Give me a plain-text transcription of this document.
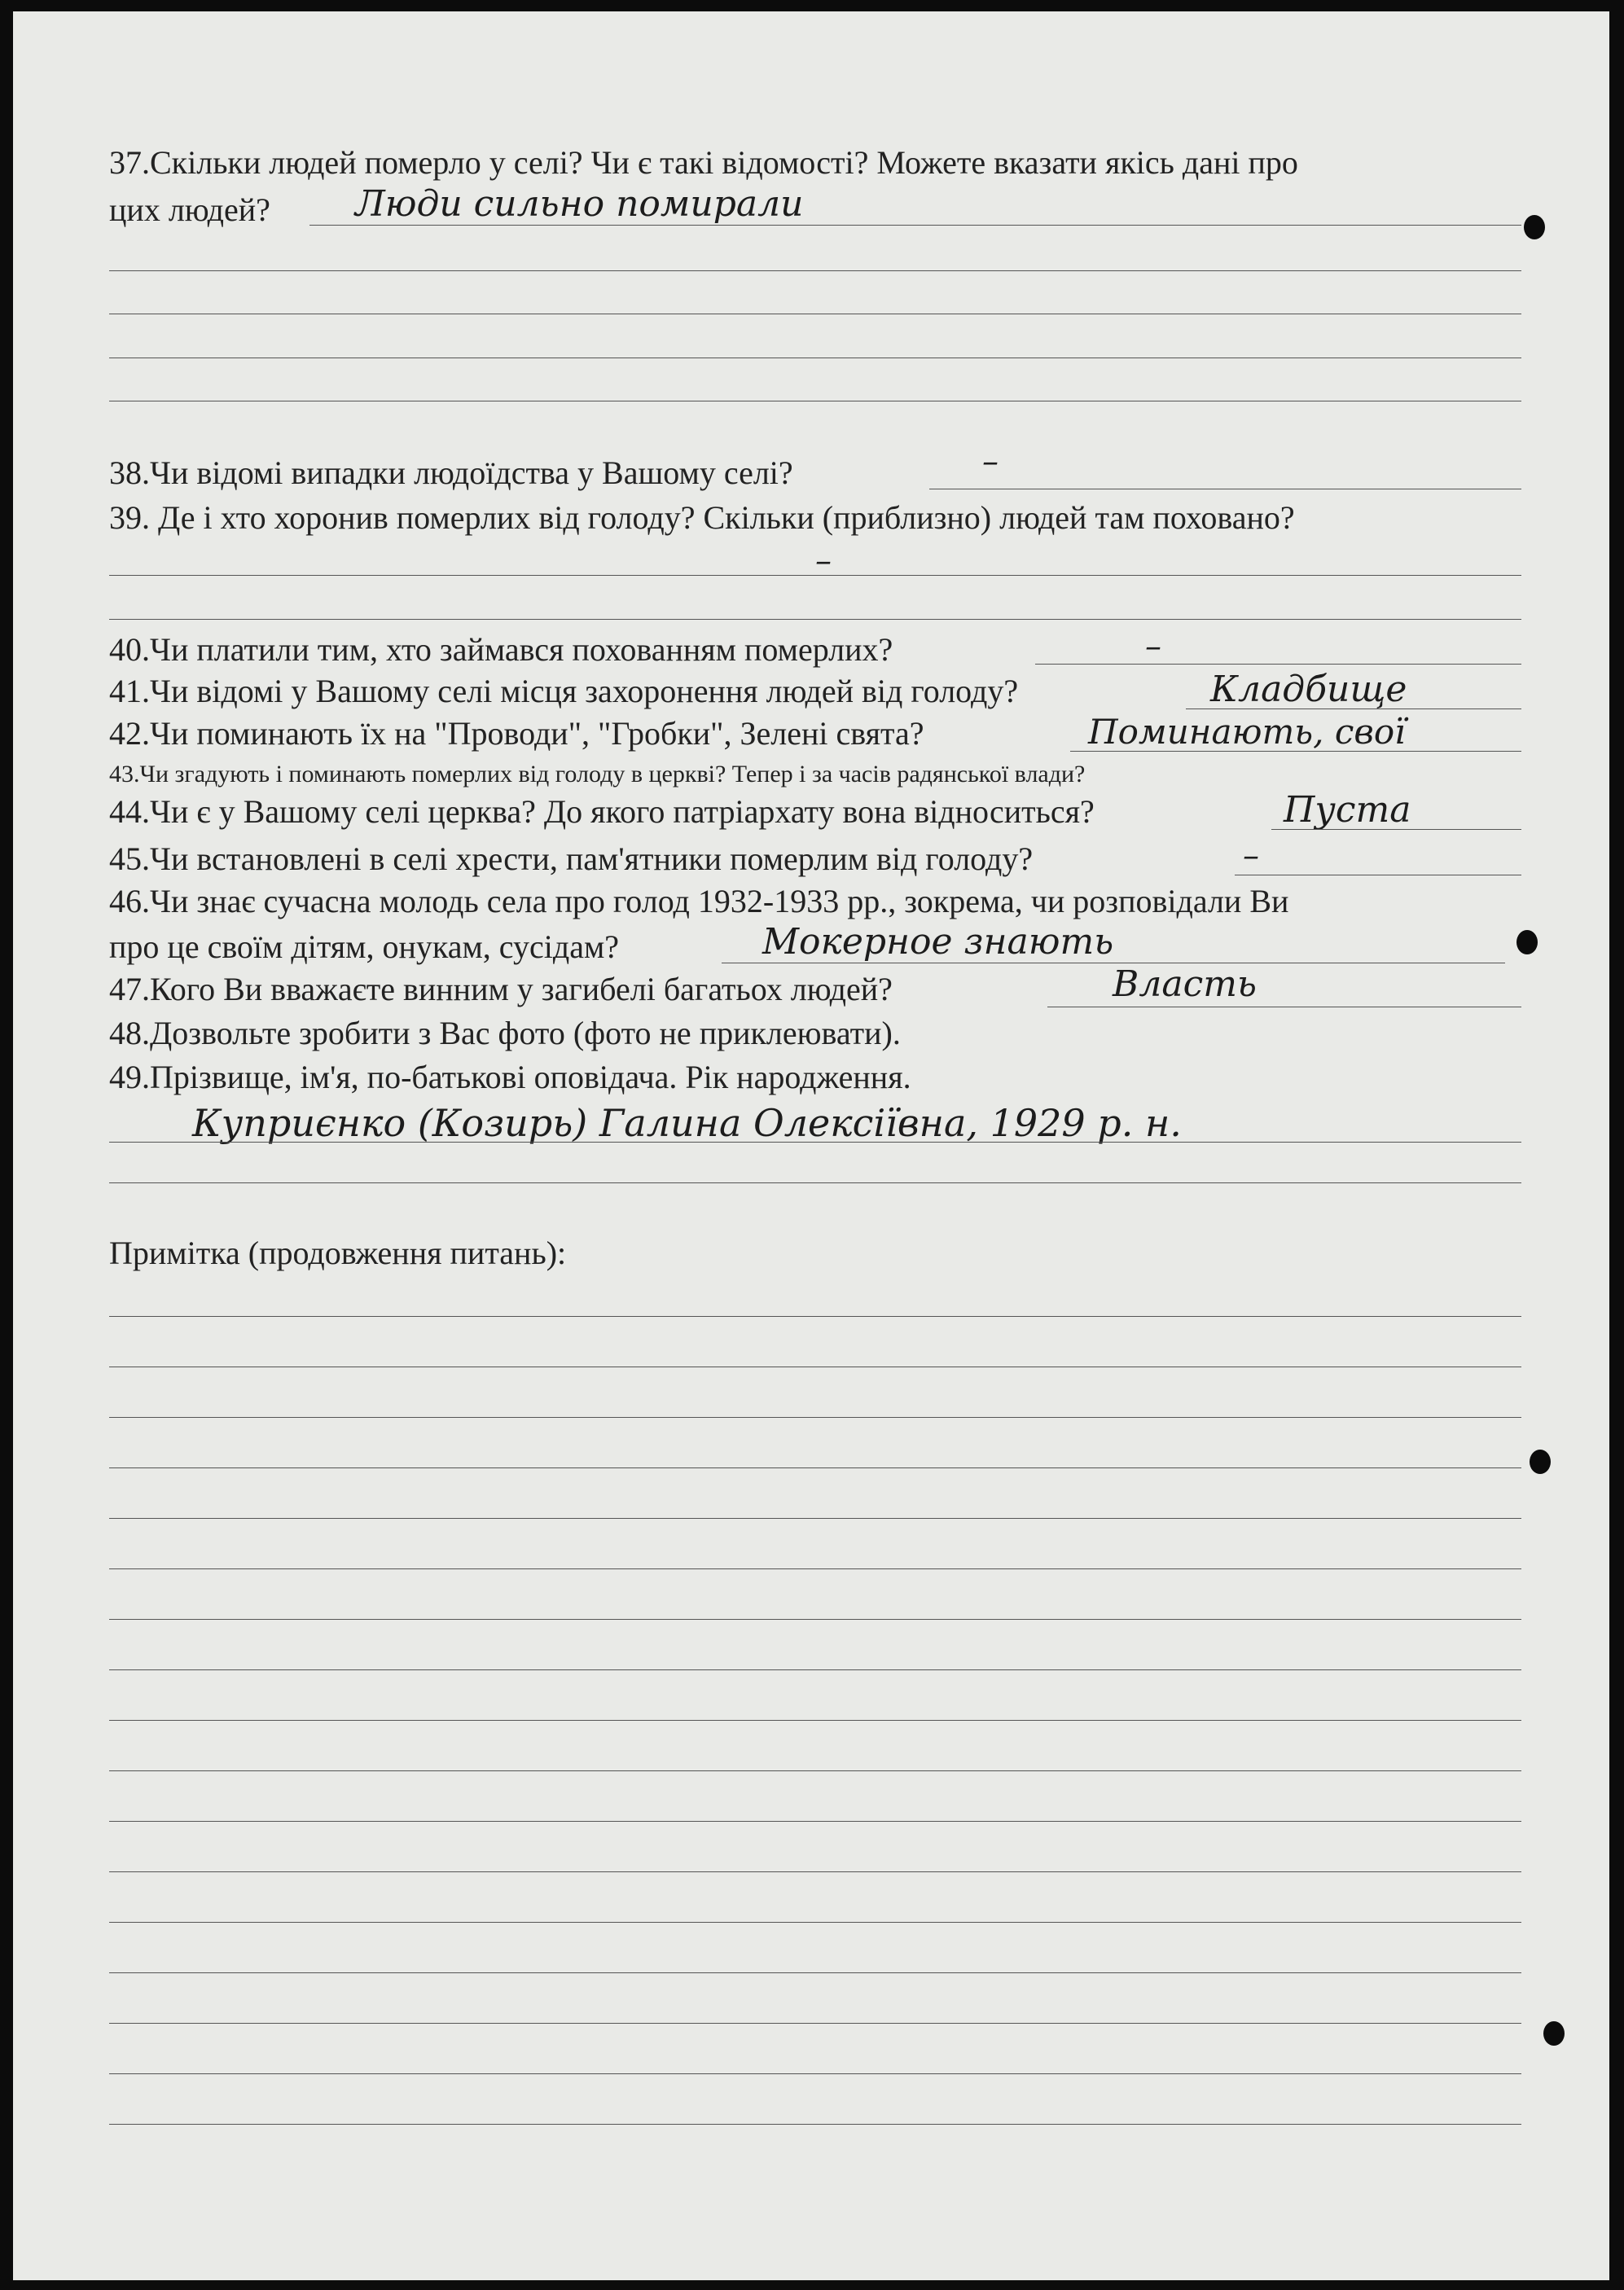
37.Скільки людей померло у селі? Чи є такі відомості? Можете вказати якісь дані про
цих людей? Люди сильно помирали
38.Чи відомі випадки людоїдства у Вашому селі?	–
39. Де і хто хоронив померлих від голоду? Скільки (приблизно) людей там поховано?
–
40.Чи платили тим, хто займався похованням померлих?	–
41.Чи відомі у Вашому селі місця захоронення людей від голоду?	Кладбище
42.Чи поминають їх на "Проводи", "Гробки", Зелені свята?	Поминають, свої
43.Чи згадують і поминають померлих від голоду в церкві? Тепер і за часів радянської влади?
44.Чи є у Вашому селі церква? До якого патріархату вона відноситься?	Пуста
45.Чи встановлені в селі хрести, пам'ятники померлим від голоду?	–
46.Чи знає сучасна молодь села про голод 1932-1933 рр., зокрема, чи розповідали Ви
про це своїм дітям, онукам, сусідам?	Мокерное знають
47.Кого Ви вважаєте винним у загибелі багатьох людей?	Власть
48.Дозвольте зробити з Вас фото (фото не приклеювати).
49.Прізвище, ім'я, по-батькові оповідача. Рік народження.
Куприєнко (Козирь) Галина Олексіївна, 1929 р. н.
Примітка (продовження питань):
